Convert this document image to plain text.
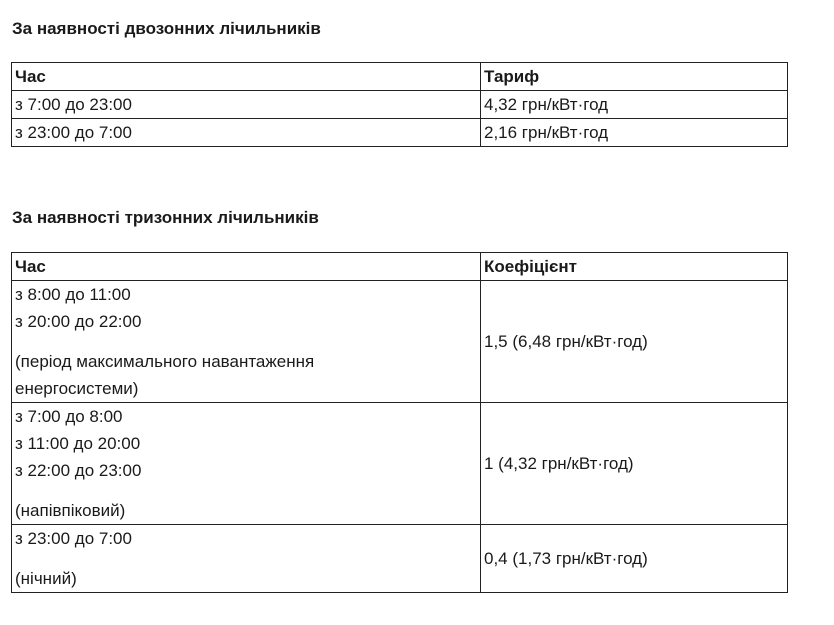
За наявності двозонних лічильників
Час	Тариф
з 7:00 до 23:00	4,32 грн/кВт·год
з 23:00 до 7:00	2,16 грн/кВт·год
За наявності тризонних лічильників
Час	Коефіцієнт

з 8:00 до 11:00
з 20:00 до 22:00
(період максимального навантаження
енергосистеми)	1,5 (6,48 грн/кВт·год)

з 7:00 до 8:00
з 11:00 до 20:00
з 22:00 до 23:00
(напівпіковий)	1 (4,32 грн/кВт·год)

з 23:00 до 7:00
(нічний)	0,4 (1,73 грн/кВт·год)
